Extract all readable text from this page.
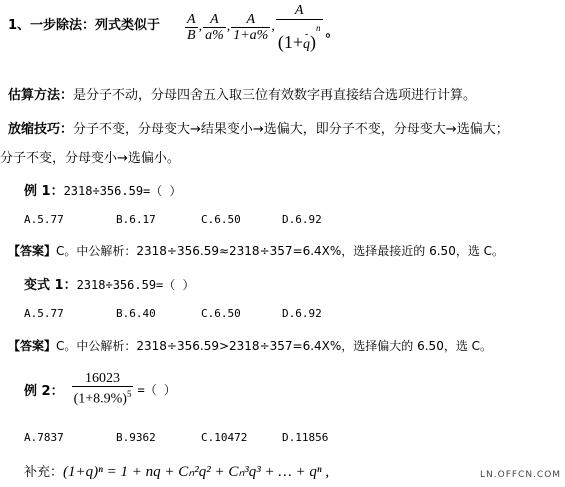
1、一步除法：列式类似于 $\frac{A}{B}$ , $\frac{A}{a\%}$ , $\frac{A}{1+a\%}$ , A
(1+ -
q )$^n$ 。
估算方法：是分子不动，分母四舍五入取三位有效数字再直接结合选项进行计算。
放缩技巧：分子不变，分母变大→结果变小→选偏大，即分子不变，分母变大→选偏大；
分子不变，分母变小→选偏小。
例 1：2318÷356.59=（ ）
A.5.77	B.6.17	C.6.50	D.6.92
【答案】C。中公解析：2318÷356.59≈2318÷357=6.4X%，选择最接近的 6.50，选 C。
变式 1：2318÷356.59=（ ）
A.5.77	B.6.40	C.6.50	D.6.92
【答案】C。中公解析：2318÷356.59>2318÷357=6.4X%，选择偏大的 6.50，选 C。
例 2： $\frac{16023}{(1+8.9\%)^5}$ =（ ）
A.7837	B.9362	C.10472	D.11856
补充：(1+q)ⁿ = 1 + nq + Cₙ²q² + Cₙ³q³ + … + qⁿ ,	LN.OFFCN.COM
